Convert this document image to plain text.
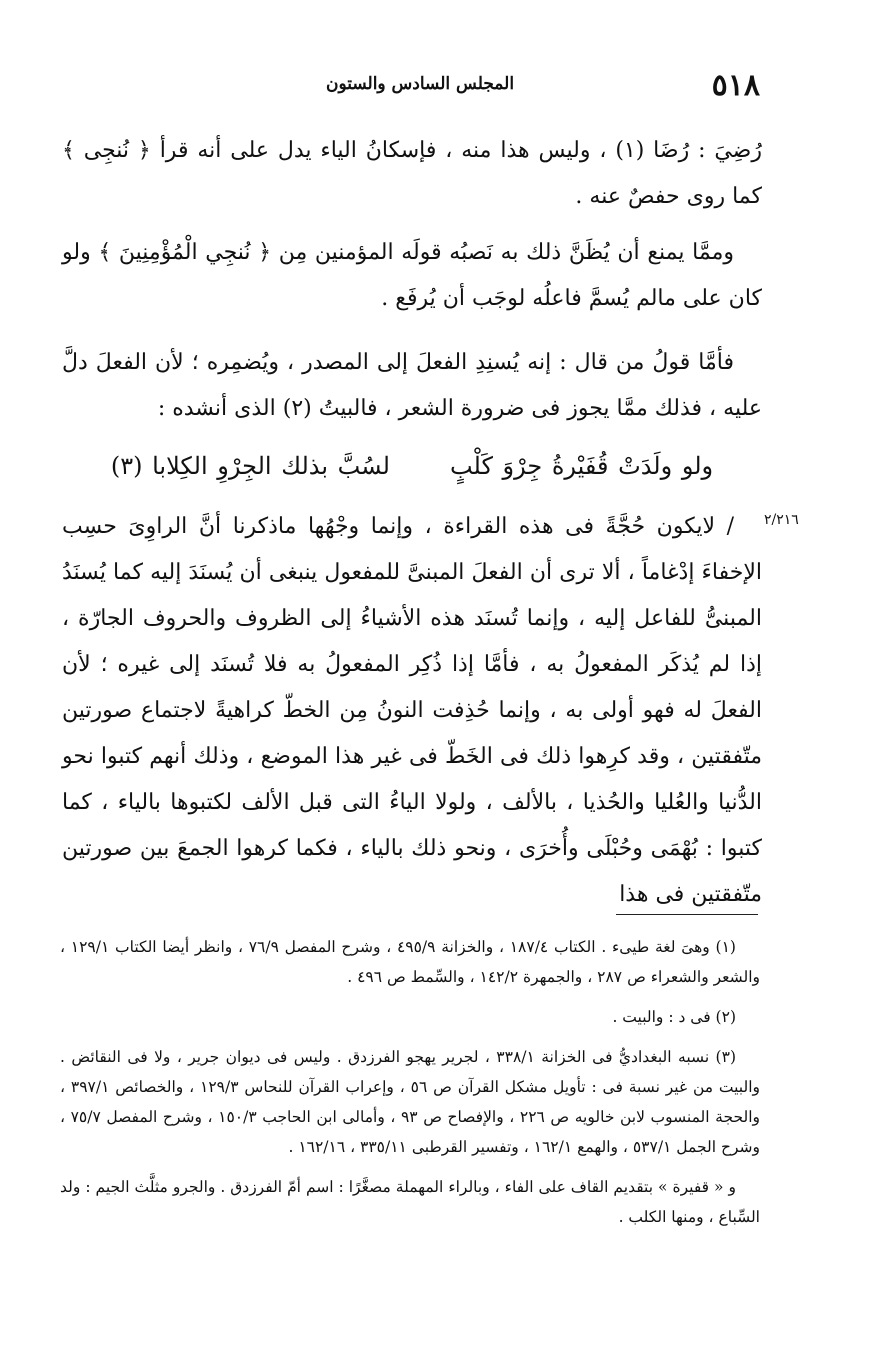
٥١٨
المجلس السادس والستون
٢/٢١٦

رُضِيَ : رُضَا (١) ، وليس هذا منه ، فإسكانُ الياء يدل على أنه قرأ ﴿ نُنجِى ﴾ كما روى حفصٌ عنه .

وممَّا يمنع أن يُظَنَّ ذلك به نَصبُه قولَه المؤمنين مِن ﴿ نُنجِي الْمُؤْمِنِينَ ﴾ ولو كان على مالم يُسمَّ فاعلُه لوجَب أن يُرفَع .

فأمَّا قولُ من قال : إنه يُسنِدِ الفعلَ إلى المصدر ، ويُضمِره ؛ لأن الفعلَ دلَّ عليه ، فذلك ممَّا يجوز فى ضرورة الشعر ، فالبيتُ (٢) الذى أنشده :

ولو ولَدَتْ قُفَيْرةُ جِرْوَ كَلْبٍلسُبَّ بذلك الجِرْوِ الكِلابا (٣)

/ لايكون حُجَّةً فى هذه القراءة ، وإنما وجْهُها ماذكرنا أنَّ الراوِىَ حسِب الإخفاءَ إدْغاماً ، ألا ترى أن الفعلَ المبنىَّ للمفعول ينبغى أن يُسنَدَ إليه كما يُسنَدُ المبنىُّ للفاعل إليه ، وإنما تُسنَد هذه الأشياءُ إلى الظروف والحروف الجارّة ، إذا لم يُذكَر المفعولُ به ، فأمَّا إذا ذُكِر المفعولُ به فلا تُسنَد إلى غيره ؛ لأن الفعلَ له فهو أولى به ، وإنما حُذِفت النونُ مِن الخطّ كراهيةً لاجتماع صورتين متّفقتين ، وقد كرِهوا ذلك فى الخَطّ فى غير هذا الموضع ، وذلك أنهم كتبوا نحو الدُّنيا والعُليا والحُذيا ، بالألف ، ولولا الياءُ التى قبل الألف لكتبوها بالياء ، كما كتبوا : بُهْمَى وحُبْلَى وأُخرَى ، ونحو ذلك بالياء ، فكما كرهوا الجمعَ بين صورتين متّفقتين فى هذا

(١) وهىَ لغة طيىء . الكتاب ١٨٧/٤ ، والخزانة ٤٩٥/٩ ، وشرح المفصل ٧٦/٩ ، وانظر أيضا الكتاب ١٢٩/١ ، والشعر والشعراء ص ٢٨٧ ، والجمهرة ١٤٢/٢ ، والسِّمط ص ٤٩٦ .

(٢) فى د : والبيت .

(٣) نسبه البغداديُّ فى الخزانة ٣٣٨/١ ، لجرير يهجو الفرزدق . وليس فى ديوان جرير ، ولا فى النقائض . والبيت من غير نسبة فى : تأويل مشكل القرآن ص ٥٦ ، وإعراب القرآن للنحاس ١٢٩/٣ ، والخصائص ٣٩٧/١ ، والحجة المنسوب لابن خالويه ص ٢٢٦ ، والإفصاح ص ٩٣ ، وأمالى ابن الحاجب ١٥٠/٣ ، وشرح المفصل ٧٥/٧ ، وشرح الجمل ٥٣٧/١ ، والهمع ١٦٢/١ ، وتفسير القرطبى ٣٣٥/١١ ، ١٦٢/١٦ .

و « قفيرة » بتقديم القاف على الفاء ، وبالراء المهملة مصغَّرًا : اسم أمّ الفرزدق . والجرو مثلَّث الجيم : ولد السِّباع ، ومنها الكلب .
